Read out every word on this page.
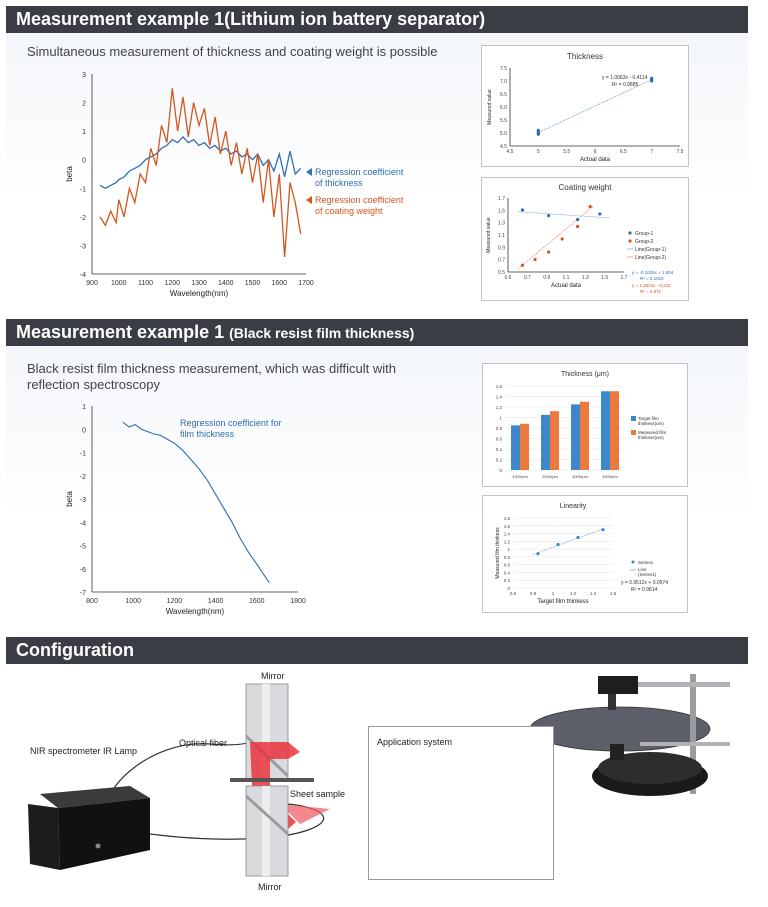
Measurement example 1(Lithium ion battery separator)
Simultaneous measurement of thickness and coating weight is possible
-4
-3
-2
-1
0
1
2
3
900 1000 1100 1200 1300 1400 1500 1600 1700
Wavelength(nm)
beta	Regression coefficient
of thickness
Regression coefficient
of coating weight
Thickness
4.5
5.0
5.5
6.0
6.5
7.0
7.5
4.5	5	5.5	6	6.5	7	7.5
Actual data
Measured value
y = 1.0063x - 0.4114
R² = 0.9885
Coating weight
0.5
0.7
0.9
1.1
1.3
1.5
1.7
0.6 0.7 0.9 1.1 1.3 1.5 1.7
Actual data
Measured value	Group-1
Group-2
Line(Group-1)
Line(Group-2)
y = -0.1025x + 1.504
R² = 0.1024
y = 1.2834x - 0.222
R² = 0.971
Measurement example 1 (Black resist film thickness)
Black resist film thickness measurement, which was difficult with
reflection spectroscopy
-7
-6
-5
-4
-3
-2
-1
0
1
800	1000	1200	1400	1600	1800
Wavelength(nm)
beta
Regression coefficient for
film thickness
Thickness (μm)
0
0.2
0.4
0.6
0.8
1
1.2
1.4
1.6
1000rpm	2000rpm	3000rpm	4000rpm
Target film
thinkess(um)
Measured film
thinkess(um)
Linearity
0
0.2
0.4
0.6
0.8
1
1.2
1.4
1.6
1.8
0.6	0.8	1	1.2	1.4	1.6
Target film thinkess
Measured film thinkess	Series1
Line
(Series1)
y = 0.9512x + 0.0974
R² = 0.9814
Configuration
Application system
Mirror
Mirror
Optical fiber
NIR spectrometer IR Lamp
Sheet sample
